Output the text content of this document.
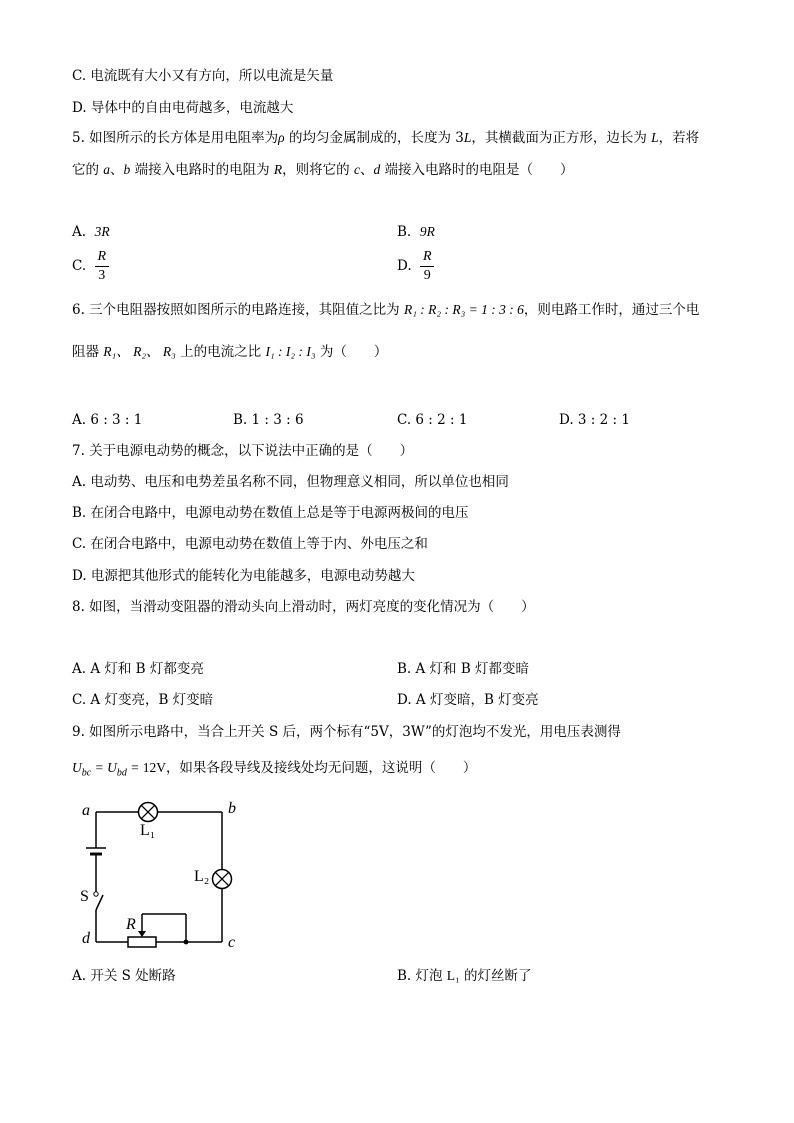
C. 电流既有大小又有方向，所以电流是矢量
D. 导体中的自由电荷越多，电流越大
5. 如图所示的长方体是用电阻率为ρ 的均匀金属制成的，长度为 3L，其横截面为正方形，边长为 L，若将
它的 a、b 端接入电路时的电阻为 R，则将它的 c、d 端接入电路时的电阻是（　　）
A. 3R	B. 9R
C. $\frac{R}{3}$	D. $\frac{R}{9}$
6. 三个电阻器按照如图所示的电路连接，其阻值之比为 R₁ : R₂ : R₃ = 1 : 3 : 6，则电路工作时，通过三个电
阻器 R₁、 R₂、 R₃ 上的电流之比 I₁ : I₂ : I₃ 为（　　）
A. 6 : 3 : 1	B. 1 : 3 : 6	C. 6 : 2 : 1	D. 3 : 2 : 1
7. 关于电源电动势的概念，以下说法中正确的是（　　）
A. 电动势、电压和电势差虽名称不同，但物理意义相同，所以单位也相同
B. 在闭合电路中，电源电动势在数值上总是等于电源两极间的电压
C. 在闭合电路中，电源电动势在数值上等于内、外电压之和
D. 电源把其他形式的能转化为电能越多，电源电动势越大
8. 如图，当滑动变阻器的滑动头向上滑动时，两灯亮度的变化情况为（　　）
A. A 灯和 B 灯都变亮	B. A 灯和 B 灯都变暗
C. A 灯变亮，B 灯变暗	D. A 灯变暗，B 灯变亮
9. 如图所示电路中，当合上开关 S 后，两个标有“5V，3W”的灯泡均不发光，用电压表测得
$U_{bc} = U_{bd} = 12V$，如果各段导线及接线处均无问题，这说明（　　）
a	b
c
d
L₁
L₂
S
R
A. 开关 S 处断路	B. 灯泡 L₁ 的灯丝断了
